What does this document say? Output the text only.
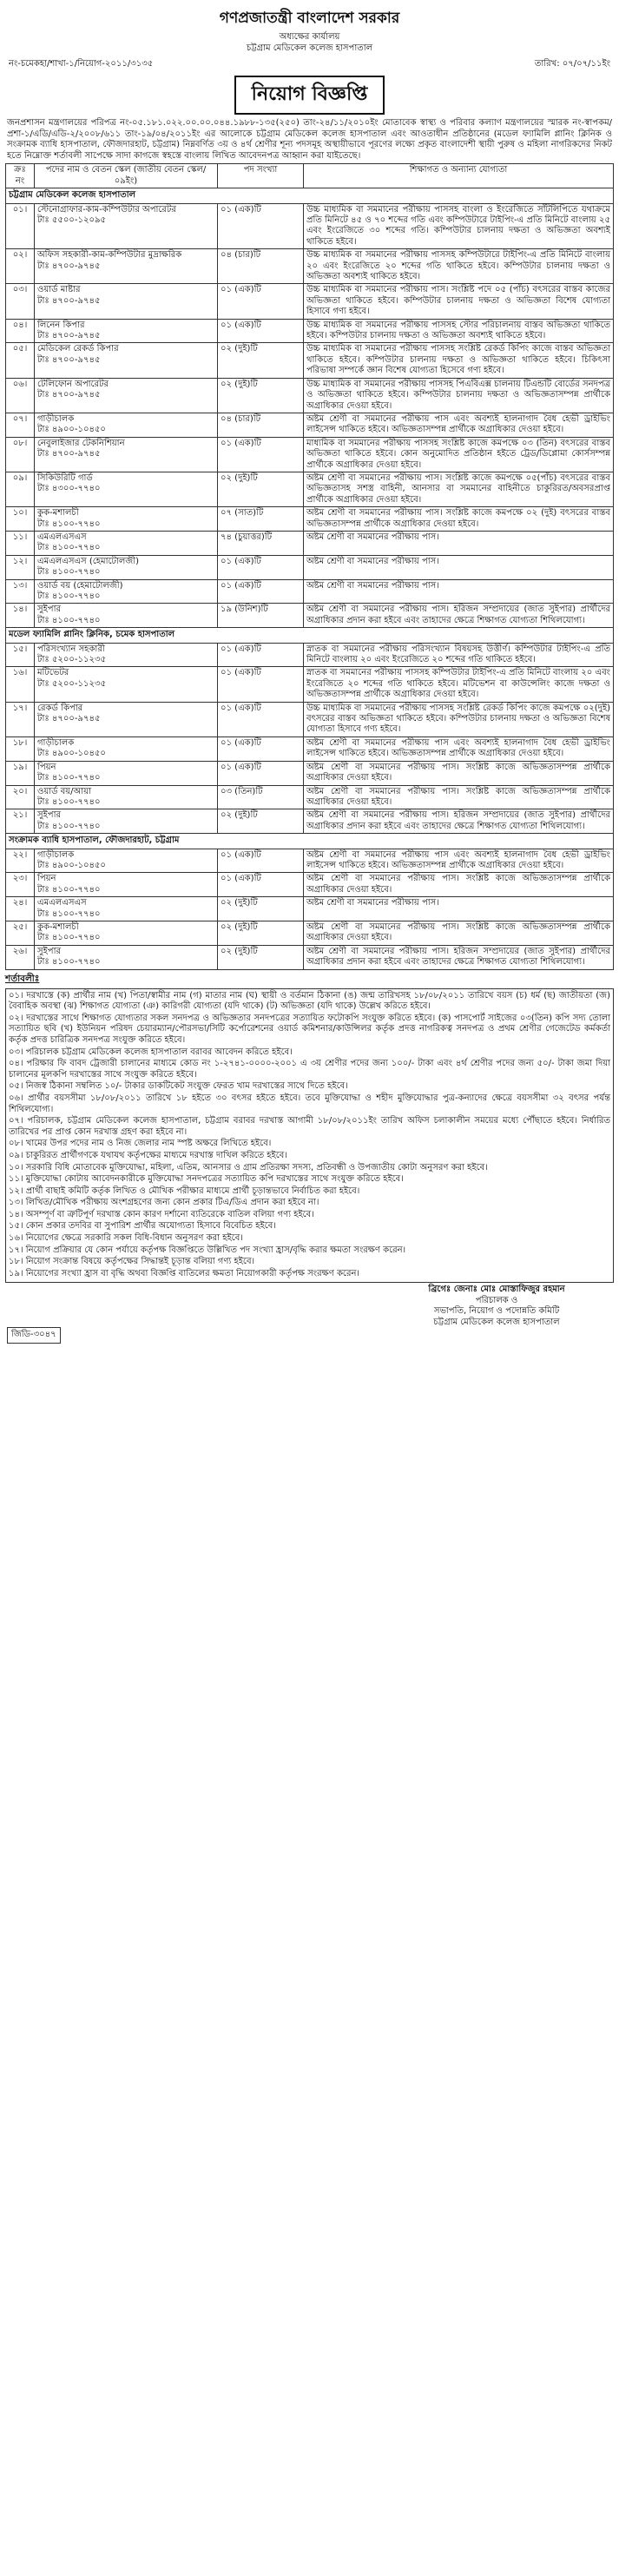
গণপ্রজাতন্ত্রী বাংলাদেশ সরকার
অধ্যক্ষের কার্যালয়
চট্টগ্রাম মেডিকেল কলেজ হাসপাতাল
নং-চমেকহা/শাখা-১/নিয়োগ-২০১১/৩১৩৫	তারিখ: ০৭/০৭/১১ইং
নিয়োগ বিজ্ঞপ্তি
জনপ্রশাসন মন্ত্রণালয়ের পরিপত্র নং-০৫.১৮১.০২২.০০.০০.০৪৪.১৯৮৮-১৩৫(২৫০) তাং-২৪/১১/২০১০ইং মোতাবেক স্বাস্থ্য ও পরিবার কল্যাণ মন্ত্রণালয়ের স্মারক নং-স্বাপকম/প্রশা-১/এডি/এডি-২/২০০৮/৬১১ তাং-১৯/০৪/২০১১ইং এর আলোকে চট্টগ্রাম মেডিকেল কলেজ হাসপাতাল এবং আওতাধীন প্রতিষ্ঠানের (মডেল ফ্যামিলি প্লানিং ক্লিনিক ও সংক্রামক ব্যাধি হাসপাতাল, ফৌজদারহাট, চট্টগ্রাম) নিম্নবর্ণিত ৩য় ও ৪র্থ শ্রেণীর শূন্য পদসমূহ অস্থায়ীভাবে পূরণের লক্ষ্যে প্রকৃত বাংলাদেশী স্থায়ী পুরুষ ও মহিলা নাগরিকদের নিকট হতে নিম্নোক্ত শর্তাবলী সাপেক্ষে সাদা কাগজে স্বহস্তে বাংলায় লিখিত আবেদনপত্র আহ্বান করা যাইতেছে।
ক্রঃ নং	পদের নাম ও বেতন স্কেল (জাতীয় বেতন স্কেল/০৯ইং)	পদ সংখ্যা	শিক্ষাগত ও অন্যান্য যোগ্যতা
চট্টগ্রাম মেডিকেল কলেজ হাসপাতাল			
০১।	স্টেনোগ্রাফার-কাম-কম্পিউটার অপারেটর
টাঃ ৫৫০০-১২০৯৫	০১ (এক)টি	উচ্চ মাধ্যমিক বা সমমানের পরীক্ষায় পাসসহ বাংলা ও ইংরেজিতে সাঁটলিপিতে যথাক্রমে প্রতি মিনিটে ৪৫ ও ৭০ শব্দের গতি এবং কম্পিউটারে টাইপিং-এ প্রতি মিনিটে বাংলায় ২৫ এবং ইংরেজিতে ৩০ শব্দের গতি। কম্পিউটার চালনায় দক্ষতা ও অভিজ্ঞতা অবশ্যই থাকিতে হইবে।
০২।	অফিস সহকারী-কাম-কম্পিউটার মুদ্রাক্ষরিক
টাঃ ৪৭০০-৯৭৪৫	০৪ (চার)টি	উচ্চ মাধ্যমিক বা সমমানের পরীক্ষায় পাসসহ কম্পিউটারে টাইপিং-এ প্রতি মিনিটে বাংলায় ২০ এবং ইংরেজিতে ২০ শব্দের গতি থাকিতে হইবে। কম্পিউটার চালনায় দক্ষতা ও অভিজ্ঞতা অবশ্যই থাকিতে হইবে।
০৩।	ওয়ার্ড মাষ্টার
টাঃ ৪৭০০-৯৭৪৫	০১ (এক)টি	উচ্চ মাধ্যমিক বা সমমানের পরীক্ষায় পাস। সংশ্লিষ্ট পদে ০৫ (পাঁচ) বৎসরের বাস্তব কাজের অভিজ্ঞতা থাকিতে হইবে। কম্পিউটার চালনায় দক্ষতা ও অভিজ্ঞতা বিশেষ যোগ্যতা হিসাবে গণ্য হইবে।
০৪।	লিনেন কিপার
টাঃ ৪৭০০-৯৭৪৫	০১ (এক)টি	উচ্চ মাধ্যমিক বা সমমানের পরীক্ষায় পাসসহ স্টোর পরিচালনায় বাস্তব অভিজ্ঞতা থাকিতে হইবে। কম্পিউটার চালনায় দক্ষতা ও অভিজ্ঞতা অবশ্যই থাকিতে হইবে।
০৫।	মেডিকেল রেকর্ড কিপার
টাঃ ৪৭০০-৯৭৪৫	০২ (দুই)টি	উচ্চ মাধ্যমিক বা সমমানের পরীক্ষায় পাসসহ সংশ্লিষ্ট রেকর্ড কিপিং কাজে বাস্তব অভিজ্ঞতা থাকিতে হইবে। কম্পিউটার চালনায় দক্ষতা ও অভিজ্ঞতা থাকিতে হইবে। চিকিৎসা পরিভাষা সম্পর্কে জ্ঞান বিশেষ যোগ্যতা হিসেবে গণ্য হইবে।
০৬।	টেলিফোন অপারেটর
টাঃ ৪৭০০-৯৭৪৫	০২ (দুই)টি	উচ্চ মাধ্যমিক বা সমমানের পরীক্ষায় পাসসহ পিএবিএক্স চালনায় টিএন্ডটি বোর্ডের সনদপত্র ও অভিজ্ঞতা থাকিতে হইবে। কম্পিউটার চালনায় দক্ষতা ও অভিজ্ঞতাসম্পন্ন প্রার্থীকে অগ্রাধিকার দেওয়া হইবে।
০৭।	গাড়ীচালক
টাঃ ৪৯০০-১০৪৫০	০৪ (চার)টি	অষ্টম শ্রেণী বা সমমানের পরীক্ষায় পাস এবং অবশ্যই হালনাগাদ বৈধ হেভী ড্রাইভিং লাইসেন্স থাকিতে হইবে। অভিজ্ঞতাসম্পন্ন প্রার্থীকে অগ্রাধিকার দেওয়া হইবে।
০৮।	নেবুলাইজার টেকনিশিয়ান
টাঃ ৪৭০০-৯৭৪৫	০১ (এক)টি	মাধ্যমিক বা সমমানের পরীক্ষায় পাসসহ সংশ্লিষ্ট কাজে কমপক্ষে ০৩ (তিন) বৎসরের বাস্তব অভিজ্ঞতা থাকিতে হইবে। কোন অনুমোদিত প্রতিষ্ঠান হইতে ট্রেড/ডিপ্লোমা কোর্সসম্পন্ন প্রার্থীকে অগ্রাধিকার দেওয়া হইবে।
০৯।	সিকিউরিটি গার্ড
টাঃ ৪৩০০-৭৭৪০	০২ (দুই)টি	অষ্টম শ্রেণী বা সমমানের পরীক্ষায় পাস। সংশ্লিষ্ট কাজে কমপক্ষে ০৫(পাঁচ) বৎসরের বাস্তব অভিজ্ঞতাসহ সশস্ত্র বাহিনী, আনসার বা সমমানের বাহিনীতে চাকুরিরত/অবসরপ্রাপ্ত প্রার্থীকে অগ্রাধিকার দেওয়া হইবে।
১০।	কুক-মশালচী
টাঃ ৪১০০-৭৭৪০	০৭ (সাত)টি	অষ্টম শ্রেণী বা সমমানের পরীক্ষায় পাস। সংশ্লিষ্ট কাজে কমপক্ষে ০২ (দুই) বৎসরের বাস্তব অভিজ্ঞতাসম্পন্ন প্রার্থীকে অগ্রাধিকার দেওয়া হইবে।
১১।	এমএলএসএস
টাঃ ৪১০০-৭৭৪০	৭৪ (চুয়াত্তর)টি	অষ্টম শ্রেণী বা সমমানের পরীক্ষায় পাস।
১২।	এমএলএসএস (হেমাটোলজী)
টাঃ ৪১০০-৭৭৪০	০১ (এক)টি	অষ্টম শ্রেণী বা সমমানের পরীক্ষায় পাস।
১৩।	ওয়ার্ড বয় (হেমাটোলজী)
টাঃ ৪১০০-৭৭৪০	০১ (এক)টি	অষ্টম শ্রেণী বা সমমানের পরীক্ষায় পাস।
১৪।	সুইপার
টাঃ ৪১০০-৭৭৪০	১৯ (উনিশ)টি	অষ্টম শ্রেণী বা সমমানের পরীক্ষায় পাস। হরিজন সম্প্রদায়ের (জাত সুইপার) প্রার্থীদের অগ্রাধিকার প্রদান করা হইবে এবং তাহাদের ক্ষেত্রে শিক্ষাগত যোগ্যতা শিথিলযোগ্য।
মডেল ফ্যামিলি প্লানিং ক্লিনিক, চমেক হাসপাতাল			
১৫।	পরিসংখ্যান সহকারী
টাঃ ৫২০০-১১২৩৫	০১ (এক)টি	স্নাতক বা সমমানের পরীক্ষায় পরিসংখ্যান বিষয়সহ উত্তীর্ণ। কম্পিউটার টাইপিং-এ প্রতি মিনিটে বাংলায় ২০ এবং ইংরেজিতে ২০ শব্দের গতি থাকিতে হইবে।
১৬।	মটিভেটর
টাঃ ৫২০০-১১২৩৫	০১ (এক)টি	স্নাতক বা সমমানের পরীক্ষায় পাসসহ কম্পিউটার টাইপিং-এ প্রতি মিনিটে বাংলায় ২০ এবং ইংরেজিতে ২০ শব্দের গতি থাকিতে হইবে। মটিভেশন বা কাউন্সেলিং কাজে দক্ষতা ও অভিজ্ঞতাসম্পন্ন প্রার্থীকে অগ্রাধিকার দেওয়া হইবে।
১৭।	রেকর্ড কিপার
টাঃ ৪৭০০-৯৭৪৫	০১ (এক)টি	উচ্চ মাধ্যমিক বা সমমানের পরীক্ষায় পাসসহ সংশ্লিষ্ট রেকর্ড কিপিং কাজে কমপক্ষে ০২(দুই) বৎসরের বাস্তব অভিজ্ঞতা থাকিতে হইবে। কম্পিউটার চালনায় দক্ষতা ও অভিজ্ঞতা বিশেষ যোগ্যতা হিসাবে গণ্য হইবে।
১৮।	গাড়ীচালক
টাঃ ৪৯০০-১০৪৫০	০১ (এক)টি	অষ্টম শ্রেণী বা সমমানের পরীক্ষায় পাস এবং অবশ্যই হালনাগাদ বৈধ হেভী ড্রাইভিং লাইসেন্স থাকিতে হইবে। অভিজ্ঞতাসম্পন্ন প্রার্থীকে অগ্রাধিকার দেওয়া হইবে।
১৯।	পিয়ন
টাঃ ৪১০০-৭৭৪০	০১ (এক)টি	অষ্টম শ্রেণী বা সমমানের পরীক্ষায় পাস। সংশ্লিষ্ট কাজে অভিজ্ঞতাসম্পন্ন প্রার্থীকে অগ্রাধিকার দেওয়া হইবে।
২০।	ওয়ার্ড বয়/আয়া
টাঃ ৪১০০-৭৭৪০	০৩ (তিন)টি	অষ্টম শ্রেণী বা সমমানের পরীক্ষায় পাস। সংশ্লিষ্ট কাজে অভিজ্ঞতাসম্পন্ন প্রার্থীকে অগ্রাধিকার দেওয়া হইবে।
২১।	সুইপার
টাঃ ৪১০০-৭৭৪০	০২ (দুই)টি	অষ্টম শ্রেণী বা সমমানের পরীক্ষায় পাস। হরিজন সম্প্রদায়ের (জাত সুইপার) প্রার্থীদের অগ্রাধিকার প্রদান করা হইবে এবং তাহাদের ক্ষেত্রে শিক্ষাগত যোগ্যতা শিথিলযোগ্য।
সংক্রামক ব্যাধি হাসপাতাল, ফৌজদারহাট, চট্টগ্রাম			
২২।	গাড়ীচালক
টাঃ ৪৯০০-১০৪৫০	০১ (এক)টি	অষ্টম শ্রেণী বা সমমানের পরীক্ষায় পাস এবং অবশ্যই হালনাগাদ বৈধ হেভী ড্রাইভিং লাইসেন্স থাকিতে হইবে। অভিজ্ঞতাসম্পন্ন প্রার্থীকে অগ্রাধিকার দেওয়া হইবে।
২৩।	পিয়ন
টাঃ ৪১০০-৭৭৪০	০১ (এক)টি	অষ্টম শ্রেণী বা সমমানের পরীক্ষায় পাস। সংশ্লিষ্ট কাজে অভিজ্ঞতাসম্পন্ন প্রার্থীকে অগ্রাধিকার দেওয়া হইবে।
২৪।	এমএলএসএস
টাঃ ৪১০০-৭৭৪০	০২ (দুই)টি	অষ্টম শ্রেণী বা সমমানের পরীক্ষায় পাস।
২৫।	কুক-মশালচী
টাঃ ৪১০০-৭৭৪০	০২ (দুই)টি	অষ্টম শ্রেণী বা সমমানের পরীক্ষায় পাস। সংশ্লিষ্ট কাজে অভিজ্ঞতাসম্পন্ন প্রার্থীকে অগ্রাধিকার দেওয়া হইবে।
২৬।	সুইপার
টাঃ ৪১০০-৭৭৪০	০২ (দুই)টি	অষ্টম শ্রেণী বা সমমানের পরীক্ষায় পাস। হরিজন সম্প্রদায়ের (জাত সুইপার) প্রার্থীদের অগ্রাধিকার প্রদান করা হইবে এবং তাহাদের ক্ষেত্রে শিক্ষাগত যোগ্যতা শিথিলযোগ্য।
শর্তাবলীঃ

০১। দরখাস্তে (ক) প্রার্থীর নাম (খ) পিতা/স্বামীর নাম (গ) মাতার নাম (ঘ) স্থায়ী ও বর্তমান ঠিকানা (ঙ) জন্ম তারিখসহ ১৮/০৮/২০১১ তারিখে বয়স (চ) ধর্ম (ছ) জাতীয়তা (জ) বৈবাহিক অবস্থা (ঝ) শিক্ষাগত যোগ্যতা (ঞ) কারিগরী যোগ্যতা (যদি থাকে) (ট) অভিজ্ঞতা (যদি থাকে) উল্লেখ করিতে হইবে।

০২। দরখাস্তের সাথে শিক্ষাগত যোগ্যতার সকল সনদপত্র ও অভিজ্ঞতার সনদপত্রের সত্যায়িত ফটোকপি সংযুক্ত করিতে হইবে। (ক) পাসপোর্ট সাইজের ০৩(তিন) কপি সদ্য তোলা সত্যায়িত ছবি (খ) ইউনিয়ন পরিষদ চেয়ারম্যান/পৌরসভা/সিটি কর্পোরেশনের ওয়ার্ড কমিশনার/কাউন্সিলর কর্তৃক প্রদত্ত নাগরিকত্ব সনদপত্র ও প্রথম শ্রেণীর গেজেটেড কর্মকর্তা কর্তৃক প্রদত্ত চারিত্রিক সনদপত্র সংযুক্ত করিতে হইবে।

০৩। পরিচালক চট্টগ্রাম মেডিকেল কলেজ হাসপাতাল বরাবর আবেদন করিতে হইবে।

০৪। পরিক্ষার ফি বাবদ ট্রেজারী চালানের মাধ্যমে কোড নং ১-২৭৪১-০০০০-২০০১ এ ৩য় শ্রেণীর পদের জন্য ১০০/- টাকা এবং ৪র্থ শ্রেণীর পদের জন্য ৫০/- টাকা জমা দিয়া চালানের মূলকপি দরখাস্তের সাথে সংযুক্ত করিতে হইবে।

০৫। নিজস্ব ঠিকানা সম্বলিত ১০/- টাকার ডাকটিকেট সংযুক্ত ফেরত খাম দরখাস্তের সাথে দিতে হইবে।

০৬। প্রার্থীর বয়সসীমা ১৮/০৮/২০১১ তারিখে ১৮ হইতে ৩০ বৎসর হইতে হইবে। তবে মুক্তিযোদ্ধা ও শহীদ মুক্তিযোদ্ধার পুত্র-কন্যাদের ক্ষেত্রে বয়সসীমা ৩২ বৎসর পর্যন্ত শিথিলযোগ্য।

০৭। পরিচালক, চট্টগ্রাম মেডিকেল কলেজ হাসপাতাল, চট্টগ্রাম বরাবর দরখাস্ত আগামী ১৮/০৮/২০১১ইং তারিখ অফিস চলাকালীন সময়ের মধ্যে পৌঁছাতে হইবে। নির্ধারিত তারিখের পর প্রাপ্ত কোন দরখাস্ত গ্রহণ করা হইবে না।

০৮। খামের উপর পদের নাম ও নিজ জেলার নাম স্পষ্ট অক্ষরে লিখিতে হইবে।

০৯। চাকুরিরত প্রার্থীগণকে যথাযথ কর্তৃপক্ষের মাধ্যমে দরখাস্ত দাখিল করিতে হইবে।

১০। সরকারি বিধি মোতাবেক মুক্তিযোদ্ধা, মহিলা, এতিম, আনসার ও গ্রাম প্রতিরক্ষা সদস্য, প্রতিবন্ধী ও উপজাতীয় কোটা অনুসরণ করা হইবে।

১১। মুক্তিযোদ্ধা কোটায় আবেদনকারীকে মুক্তিযোদ্ধা সনদপত্রের সত্যায়িত কপি দরখাস্তের সাথে সংযুক্ত করিতে হইবে।

১২। প্রার্থী বাছাই কমিটি কর্তৃক লিখিত ও মৌখিক পরীক্ষার মাধ্যমে প্রার্থী চূড়ান্তভাবে নির্বাচিত করা হইবে।

১৩। লিখিত/মৌখিক পরীক্ষায় অংশগ্রহণের জন্য কোন প্রকার টিএ/ডিএ প্রদান করা হইবে না।

১৪। অসম্পূর্ণ বা ত্রুটিপূর্ণ দরখাস্ত কোন কারণ দর্শানো ব্যতিরেকে বাতিল বলিয়া গণ্য হইবে।

১৫। কোন প্রকার তদবির বা সুপারিশ প্রার্থীর অযোগ্যতা হিসাবে বিবেচিত হইবে।

১৬। নিয়োগের ক্ষেত্রে সরকারি সকল বিধি-বিধান অনুসরণ করা হইবে।

১৭। নিয়োগ প্রক্রিয়ার যে কোন পর্যায়ে কর্তৃপক্ষ বিজ্ঞপ্তিতে উল্লিখিত পদ সংখ্যা হ্রাস/বৃদ্ধি করার ক্ষমতা সংরক্ষণ করেন।

১৮। নিয়োগ সংক্রান্ত বিষয়ে কর্তৃপক্ষের সিদ্ধান্তই চূড়ান্ত বলিয়া গণ্য হইবে।

১৯। নিয়োগের সংখ্যা হ্রাস বা বৃদ্ধি অথবা বিজ্ঞপ্তি বাতিলের ক্ষমতা নিয়োগকারী কর্তৃপক্ষ সংরক্ষণ করেন।

ব্রিগেঃ জেনাঃ মোঃ মোস্তাফিজুর রহমান
পরিচালক ও
সভাপতি, নিয়োগ ও পদোন্নতি কমিটি
চট্টগ্রাম মেডিকেল কলেজ হাসপাতাল
জিডি-৩০৪৭
